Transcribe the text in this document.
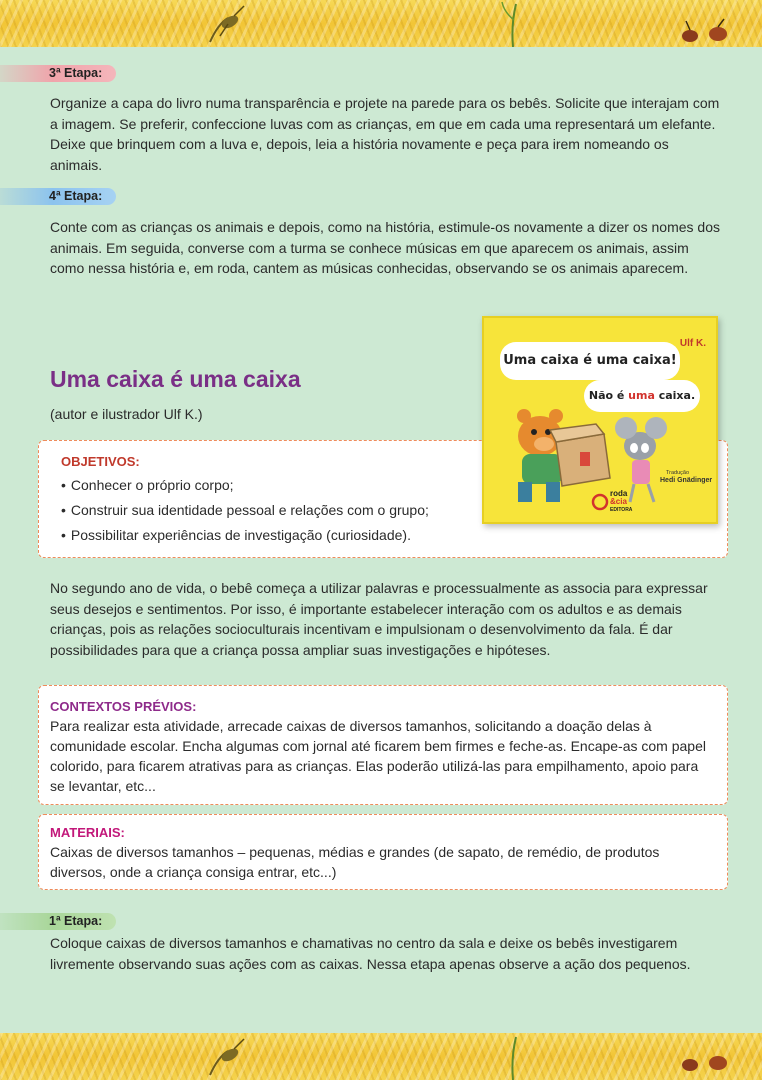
3ª Etapa:

Organize a capa do livro numa transparência e projete na parede para os bebês. Solicite que interajam com a imagem. Se preferir, confeccione luvas com as crianças, em que em cada uma representará um elefante. Deixe que brinquem com a luva e, depois, leia a história novamente e peça para irem nomeando os animais.

4ª Etapa:

Conte com as crianças os animais e depois, como na história, estimule-os novamente a dizer os nomes dos animais. Em seguida, converse com a turma se conhece músicas em que aparecem os animais, assim como nessa história e, em roda, cantem as músicas conhecidas, observando se os animais aparecem.

Uma caixa é uma caixa

(autor e ilustrador Ulf K.)

OBJETIVOS:

• Conhecer o próprio corpo;
• Construir sua identidade pessoal e relações com o grupo;
• Possibilitar experiências de investigação (curiosidade).
Ulf K.
Uma caixa é uma caixa!
Não é uma caixa.
Tradução
Hedi Gnädinger
roda
&cia
EDITORA

No segundo ano de vida, o bebê começa a utilizar palavras e processualmente as associa para expressar seus desejos e sentimentos. Por isso, é importante estabelecer interação com os adultos e as demais crianças, pois as relações socioculturais incentivam e impulsionam o desenvolvimento da fala. É dar possibilidades para que a criança possa ampliar suas investigações e hipóteses.

CONTEXTOS PRÉVIOS:

Para realizar esta atividade, arrecade caixas de diversos tamanhos, solicitando a doação delas à comunidade escolar. Encha algumas com jornal até ficarem bem firmes e feche-as. Encape-as com papel colorido, para ficarem atrativas para as crianças. Elas poderão utilizá-las para empilhamento, apoio para se levantar, etc...

MATERIAIS:

Caixas de diversos tamanhos – pequenas, médias e grandes (de sapato, de remédio, de produtos diversos, onde a criança consiga entrar, etc...)

1ª Etapa:

Coloque caixas de diversos tamanhos e chamativas no centro da sala e deixe os bebês investigarem livremente observando suas ações com as caixas. Nessa etapa apenas observe a ação dos pequenos.
